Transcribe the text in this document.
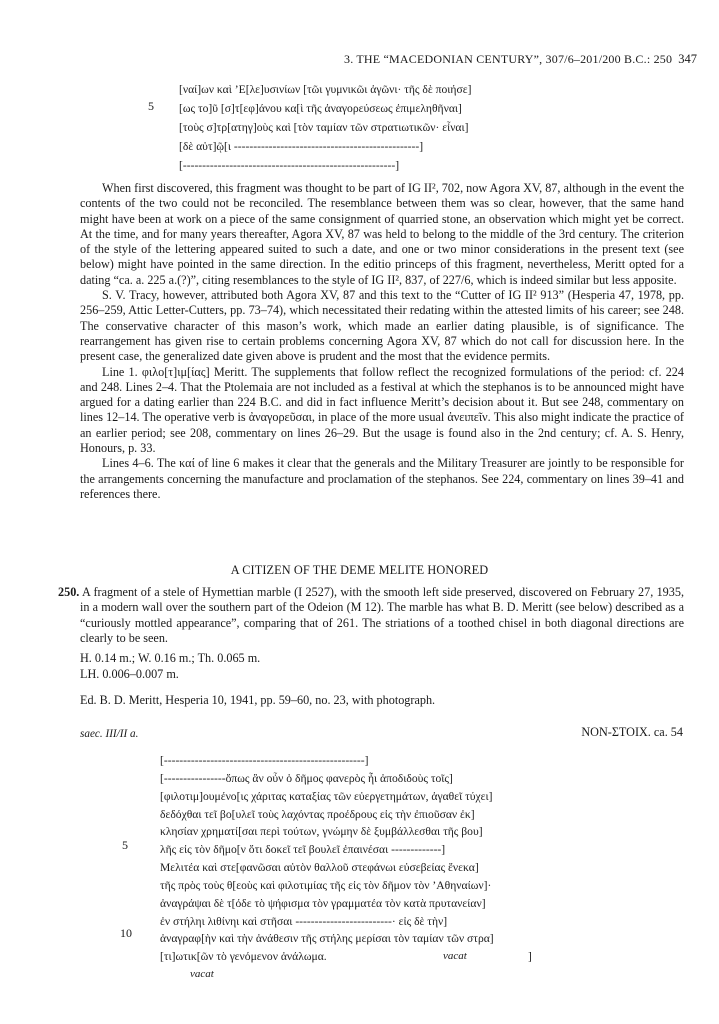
3. THE “MACEDONIAN CENTURY”, 307/6–201/200 B.C.: 250 347
5
[ναί]ων καὶ ’Ε[λε]υσινίων [τῶι γυμνικῶι ἀγῶνι· τῆς δὲ ποιήσε]
[ως το]ῦ [σ]τ[εφ]άνου κα[ὶ τῆς ἀναγορεύσεως ἐπιμεληθῆναι]
[τοὺς σ]τρ[ατηγ]οὺς καὶ [τὸν ταμίαν τῶν στρατιωτικῶν· εἶναι]
[δὲ αὐτ]ῷ[ι ------------------------------------------------]
[-------------------------------------------------------]

When first discovered, this fragment was thought to be part of IG II², 702, now Agora XV, 87, although in the event the contents of the two could not be reconciled. The resemblance between them was so clear, however, that the same hand might have been at work on a piece of the same consignment of quarried stone, an observation which might yet be correct. At the time, and for many years thereafter, Agora XV, 87 was held to belong to the middle of the 3rd century. The criterion of the style of the lettering appeared suited to such a date, and one or two minor considerations in the present text (see below) might have pointed in the same direction. In the editio princeps of this fragment, nevertheless, Meritt opted for a dating “ca. a. 225 a.(?)”, citing resemblances to the style of IG II², 837, of 227/6, which is indeed similar but less apposite.

S. V. Tracy, however, attributed both Agora XV, 87 and this text to the “Cutter of IG II² 913” (Hesperia 47, 1978, pp. 256–259, Attic Letter-Cutters, pp. 73–74), which necessitated their redating within the attested limits of his career; see 248. The conservative character of this mason’s work, which made an earlier dating plausible, is of significance. The rearrangement has given rise to certain problems concerning Agora XV, 87 which do not call for discussion here. In the present case, the generalized date given above is prudent and the most that the evidence permits.

Line 1. φιλο[τ]ιμ[ίας] Meritt. The supplements that follow reflect the recognized formulations of the period: cf. 224 and 248. Lines 2–4. That the Ptolemaia are not included as a festival at which the stephanos is to be announced might have argued for a dating earlier than 224 B.C. and did in fact influence Meritt’s decision about it. But see 248, commentary on lines 12–14. The operative verb is ἀναγορεῦσαι, in place of the more usual ἀνειπεῖν. This also might indicate the practice of an earlier period; see 208, commentary on lines 26–29. But the usage is found also in the 2nd century; cf. A. S. Henry, Honours, p. 33.

Lines 4–6. The καί of line 6 makes it clear that the generals and the Military Treasurer are jointly to be responsible for the arrangements concerning the manufacture and proclamation of the stephanos. See 224, commentary on lines 39–41 and references there.

A CITIZEN OF THE DEME MELITE HONORED

250. A fragment of a stele of Hymettian marble (I 2527), with the smooth left side preserved, discovered on February 27, 1935, in a modern wall over the southern part of the Odeion (M 12). The marble has what B. D. Meritt (see below) described as a “curiously mottled appearance”, comparing that of 261. The striations of a toothed chisel in both diagonal directions are clearly to be seen.

H. 0.14 m.; W. 0.16 m.; Th. 0.065 m.
LH. 0.006–0.007 m.
Ed. B. D. Meritt, Hesperia 10, 1941, pp. 59–60, no. 23, with photograph.
saec. III/II a.	NON-ΣΤΟΙΧ. ca. 54
5
10
[----------------------------------------------------]
[----------------ὅπως ἂν οὖν ὁ δῆμος φανερὸς ἦι ἀποδιδοὺς τοῖς]
[φιλοτιμ]ουμένο[ις χάριτας καταξίας τῶν εὐεργετημάτων, ἀγαθεῖ τύχει]
δεδόχθαι τεῖ βο[υλεῖ τοὺς λαχόντας προέδρους εἰς τὴν ἐπιοῦσαν ἐκ]
κλησίαν χρηματί[σαι περὶ τούτων, γνώμην δὲ ξυμβάλλεσθαι τῆς βου]
λῆς εἰς τὸν δῆμο[ν ὅτι δοκεῖ τεῖ βουλεῖ ἐπαινέσαι -------------]
Μελιτέα καὶ στε[φανῶσαι αὐτὸν θαλλοῦ στεφάνωι εὐσεβείας ἕνεκα]
τῆς πρὸς τοὺς θ[εοὺς καὶ φιλοτιμίας τῆς εἰς τὸν δῆμον τὸν ’Αθηναίων]·
ἀναγράψαι δὲ τ[όδε τὸ ψήφισμα τὸν γραμματέα τὸν κατὰ πρυτανείαν]
ἐν στήληι λιθίνηι καὶ στῆσαι -------------------------· εἰς δὲ τὴν]
ἀναγραφ[ὴν καὶ τὴν ἀνάθεσιν τῆς στήλης μερίσαι τὸν ταμίαν τῶν στρα]
[τι]ωτικ[ῶν τὸ γενόμενον ἀνάλωμα.	vacat	]
vacat
